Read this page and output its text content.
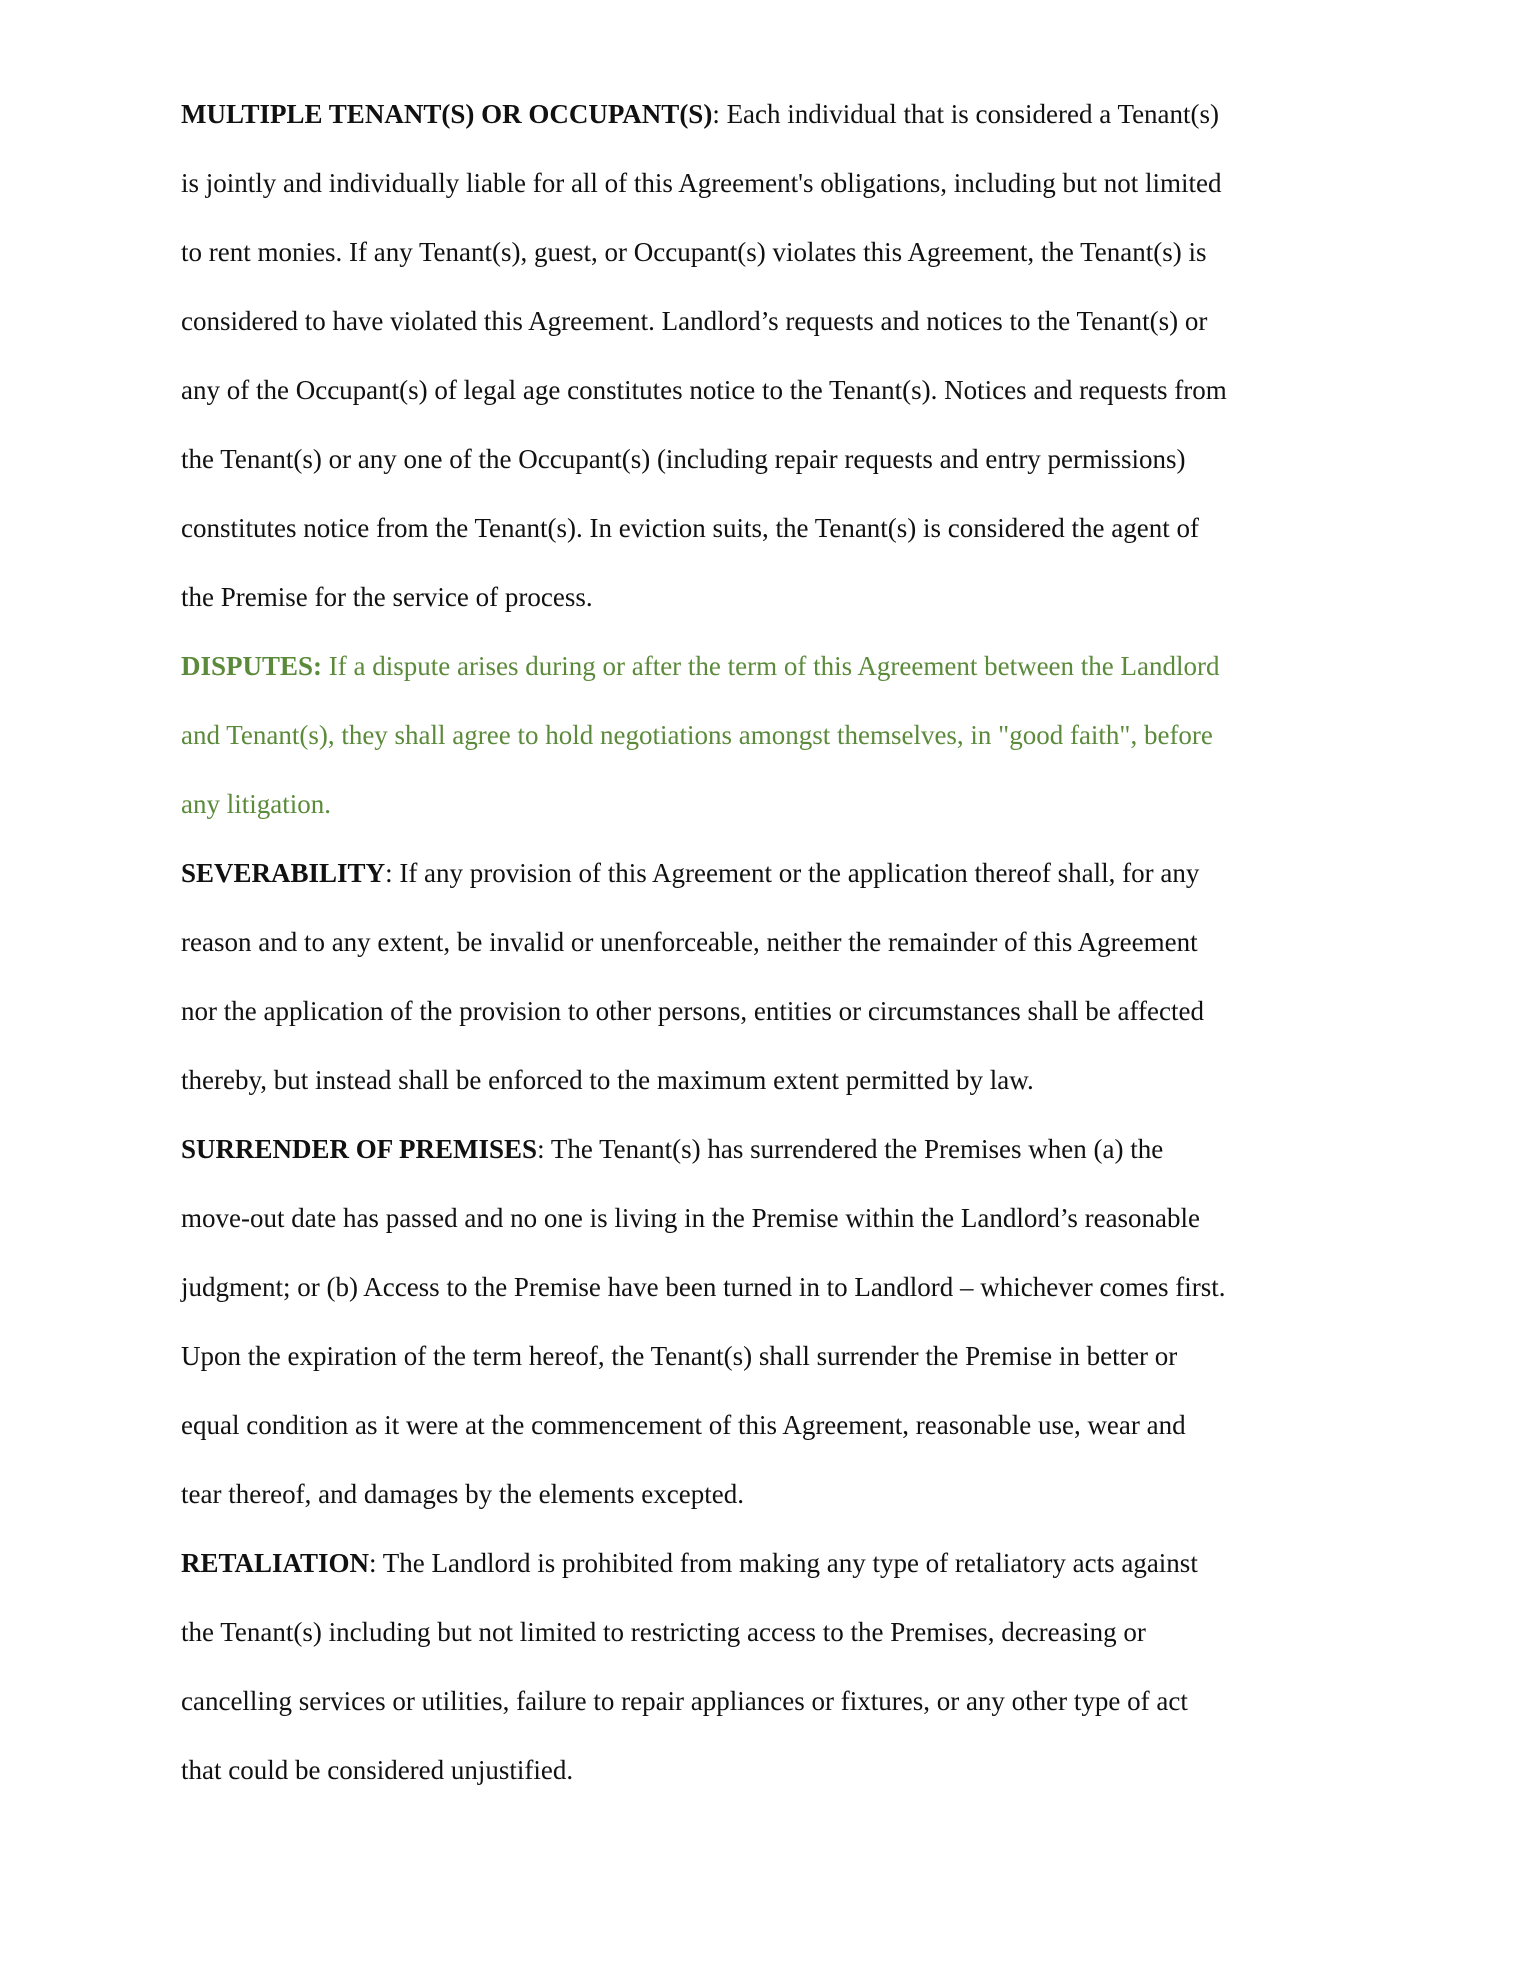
MULTIPLE TENANT(S) OR OCCUPANT(S): Each individual that is considered a Tenant(s)
is jointly and individually liable for all of this Agreement's obligations, including but not limited
to rent monies. If any Tenant(s), guest, or Occupant(s) violates this Agreement, the Tenant(s) is
considered to have violated this Agreement. Landlord’s requests and notices to the Tenant(s) or
any of the Occupant(s) of legal age constitutes notice to the Tenant(s). Notices and requests from
the Tenant(s) or any one of the Occupant(s) (including repair requests and entry permissions)
constitutes notice from the Tenant(s). In eviction suits, the Tenant(s) is considered the agent of
the Premise for the service of process.
DISPUTES: If a dispute arises during or after the term of this Agreement between the Landlord
and Tenant(s), they shall agree to hold negotiations amongst themselves, in "good faith", before
any litigation.
SEVERABILITY: If any provision of this Agreement or the application thereof shall, for any
reason and to any extent, be invalid or unenforceable, neither the remainder of this Agreement
nor the application of the provision to other persons, entities or circumstances shall be affected
thereby, but instead shall be enforced to the maximum extent permitted by law.
SURRENDER OF PREMISES: The Tenant(s) has surrendered the Premises when (a) the
move-out date has passed and no one is living in the Premise within the Landlord’s reasonable
judgment; or (b) Access to the Premise have been turned in to Landlord – whichever comes first.
Upon the expiration of the term hereof, the Tenant(s) shall surrender the Premise in better or
equal condition as it were at the commencement of this Agreement, reasonable use, wear and
tear thereof, and damages by the elements excepted.
RETALIATION: The Landlord is prohibited from making any type of retaliatory acts against
the Tenant(s) including but not limited to restricting access to the Premises, decreasing or
cancelling services or utilities, failure to repair appliances or fixtures, or any other type of act
that could be considered unjustified.
